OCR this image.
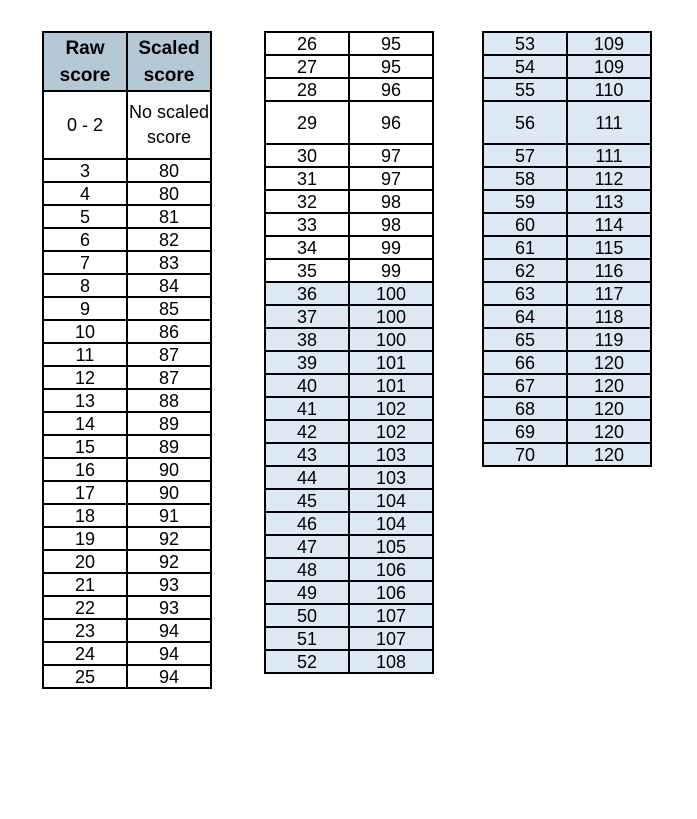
Raw score	Scaled score
0 - 2	No scaled score
3	80
4	80
5	81
6	82
7	83
8	84
9	85
10	86
11	87
12	87
13	88
14	89
15	89
16	90
17	90
18	91
19	92
20	92
21	93
22	93
23	94
24	94
25	94
26	95
27	95
28	96
29	96
30	97
31	97
32	98
33	98
34	99
35	99
36	100
37	100
38	100
39	101
40	101
41	102
42	102
43	103
44	103
45	104
46	104
47	105
48	106
49	106
50	107
51	107
52	108
53	109
54	109
55	110
56	111
57	111
58	112
59	113
60	114
61	115
62	116
63	117
64	118
65	119
66	120
67	120
68	120
69	120
70	120
